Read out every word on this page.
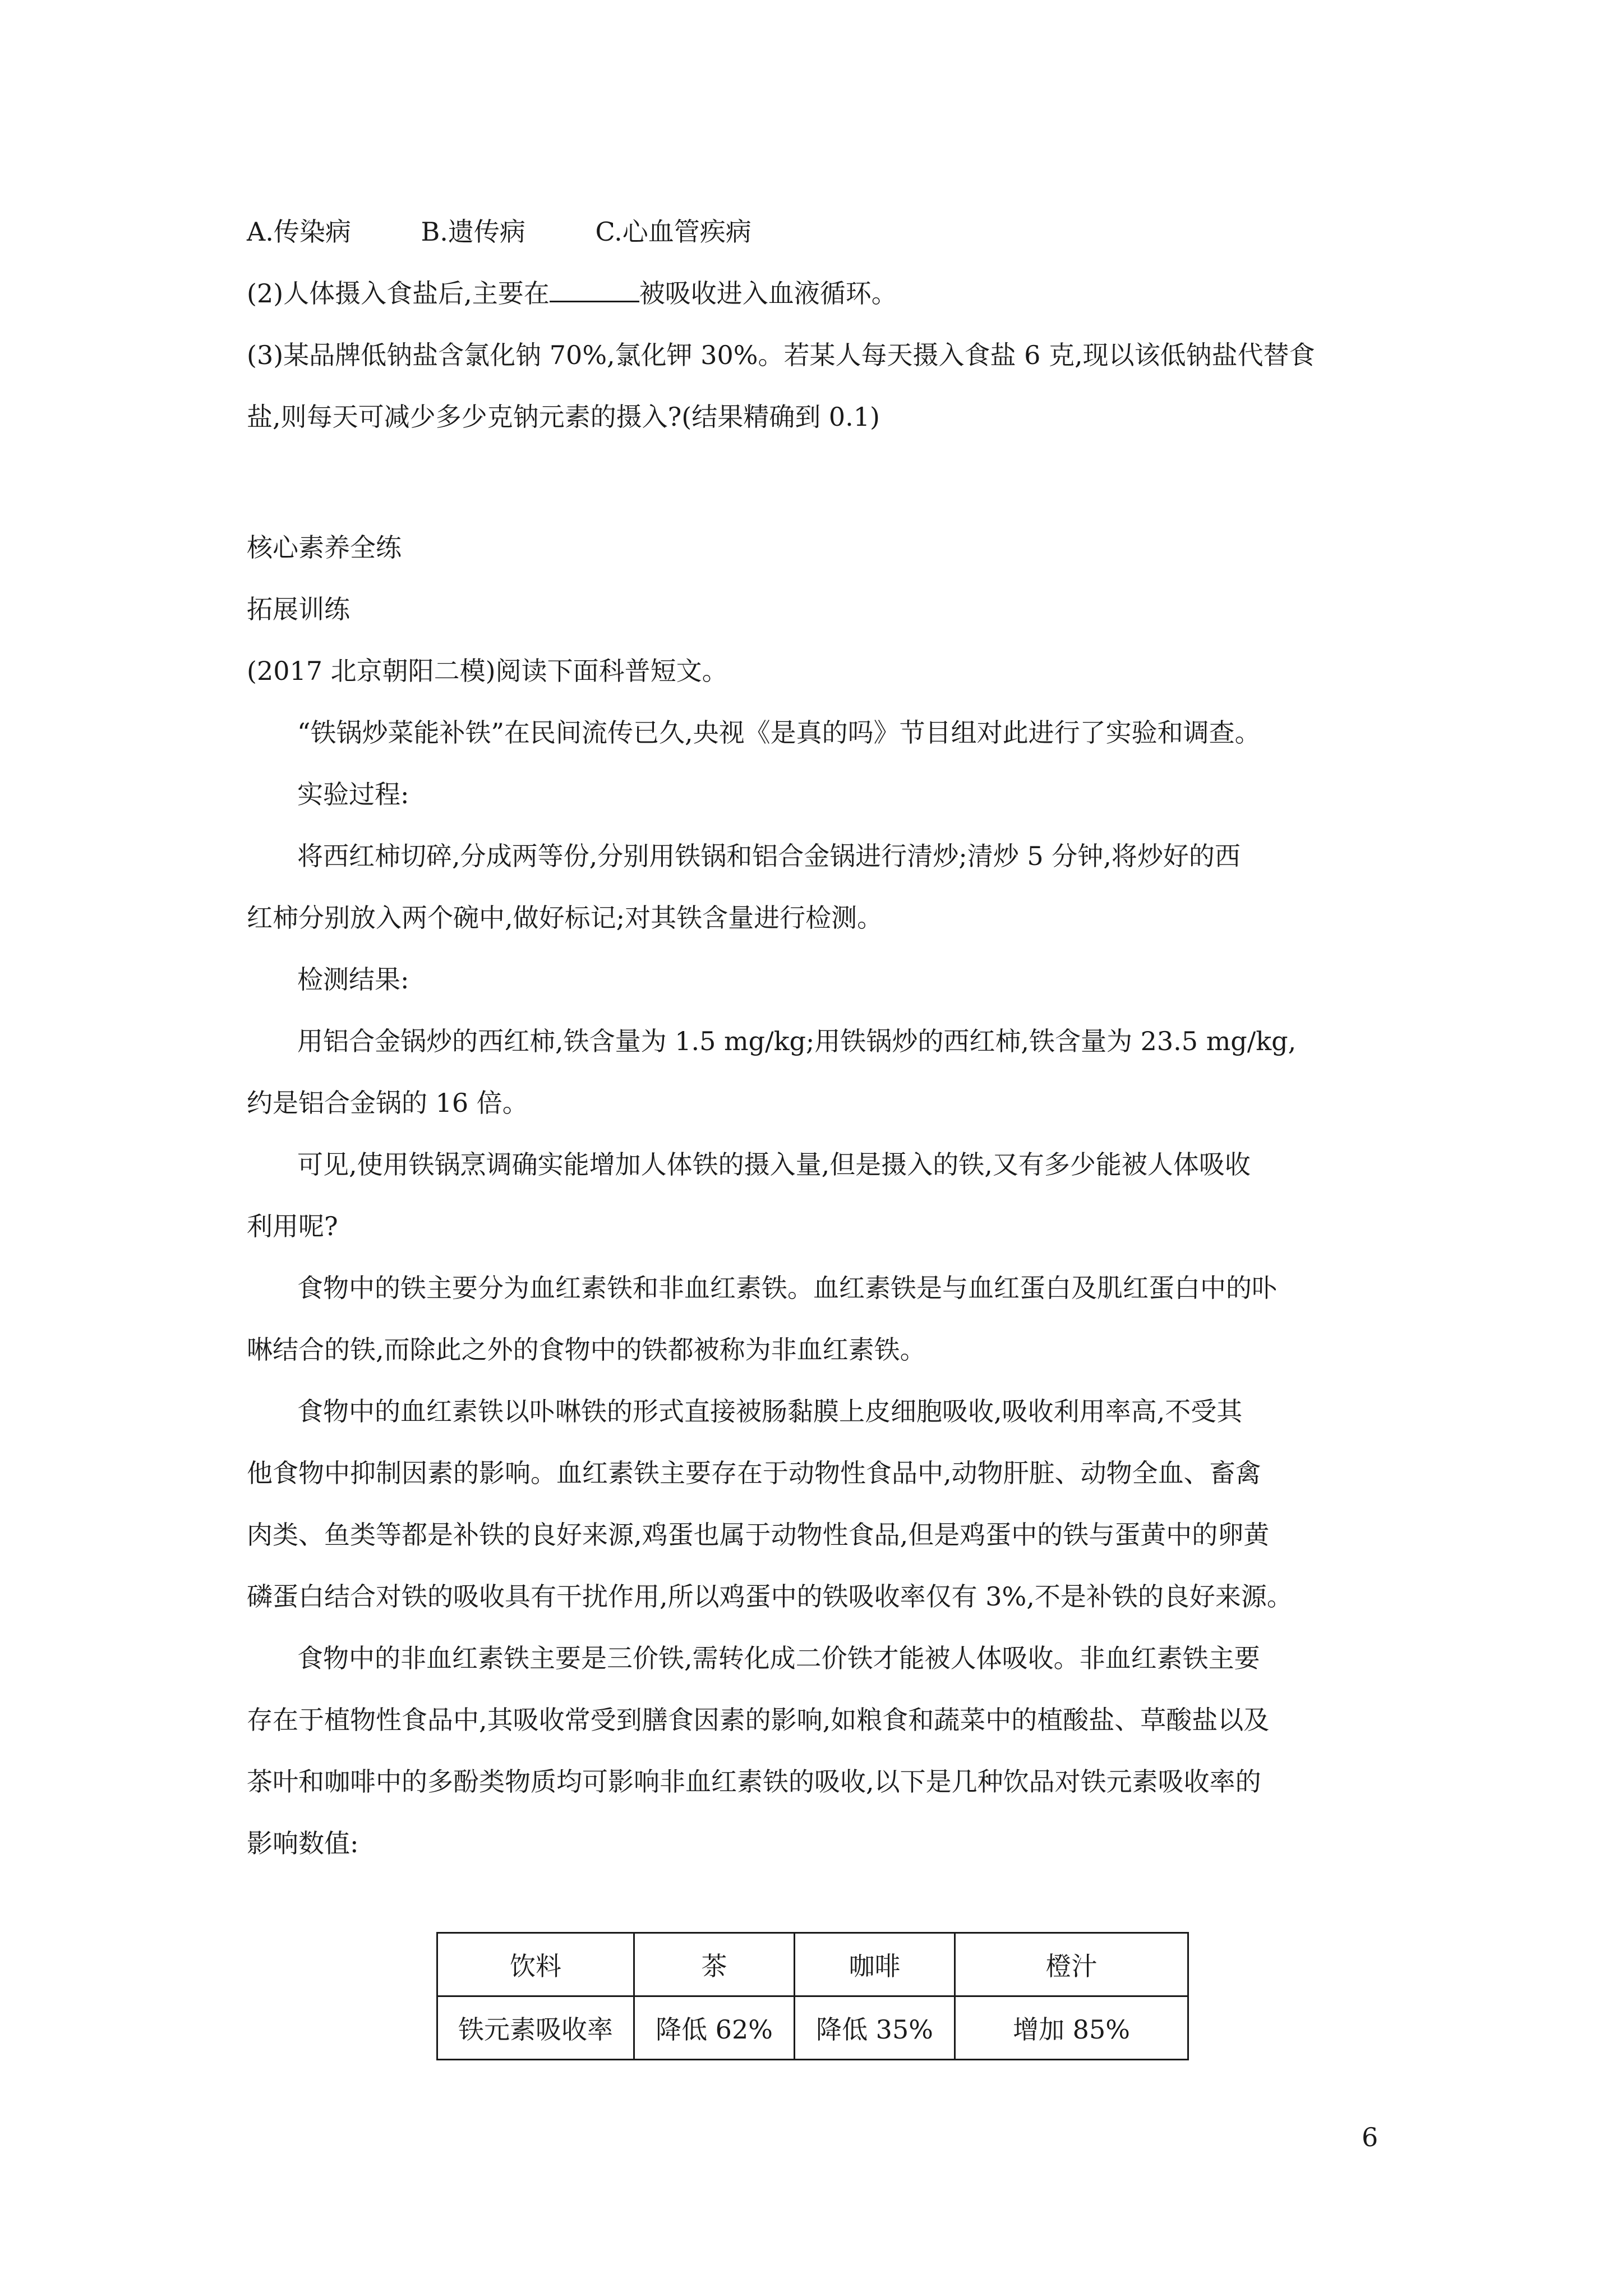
A.传染病	B.遗传病	C.心血管疾病
(2)人体摄入食盐后,主要在	被吸收进入血液循环。
(3)某品牌低钠盐含氯化钠 70%,氯化钾 30%。若某人每天摄入食盐 6 克,现以该低钠盐代替食
盐,则每天可减少多少克钠元素的摄入?(结果精确到 0.1)
核心素养全练
拓展训练
(2017 北京朝阳二模)阅读下面科普短文。
“铁锅炒菜能补铁”在民间流传已久,央视《是真的吗》节目组对此进行了实验和调查。
实验过程:
将西红柿切碎,分成两等份,分别用铁锅和铝合金锅进行清炒;清炒 5 分钟,将炒好的西
红柿分别放入两个碗中,做好标记;对其铁含量进行检测。
检测结果:
用铝合金锅炒的西红柿,铁含量为 1.5 mg/kg;用铁锅炒的西红柿,铁含量为 23.5 mg/kg,
约是铝合金锅的 16 倍。
可见,使用铁锅烹调确实能增加人体铁的摄入量,但是摄入的铁,又有多少能被人体吸收
利用呢?
食物中的铁主要分为血红素铁和非血红素铁。血红素铁是与血红蛋白及肌红蛋白中的卟
啉结合的铁,而除此之外的食物中的铁都被称为非血红素铁。
食物中的血红素铁以卟啉铁的形式直接被肠黏膜上皮细胞吸收,吸收利用率高,不受其
他食物中抑制因素的影响。血红素铁主要存在于动物性食品中,动物肝脏、动物全血、畜禽
肉类、鱼类等都是补铁的良好来源,鸡蛋也属于动物性食品,但是鸡蛋中的铁与蛋黄中的卵黄
磷蛋白结合对铁的吸收具有干扰作用,所以鸡蛋中的铁吸收率仅有 3%,不是补铁的良好来源。
食物中的非血红素铁主要是三价铁,需转化成二价铁才能被人体吸收。非血红素铁主要
存在于植物性食品中,其吸收常受到膳食因素的影响,如粮食和蔬菜中的植酸盐、草酸盐以及
茶叶和咖啡中的多酚类物质均可影响非血红素铁的吸收,以下是几种饮品对铁元素吸收率的
影响数值:
饮料	茶	咖啡	橙汁
铁元素吸收率	降低 62%	降低 35%	增加 85%
6
